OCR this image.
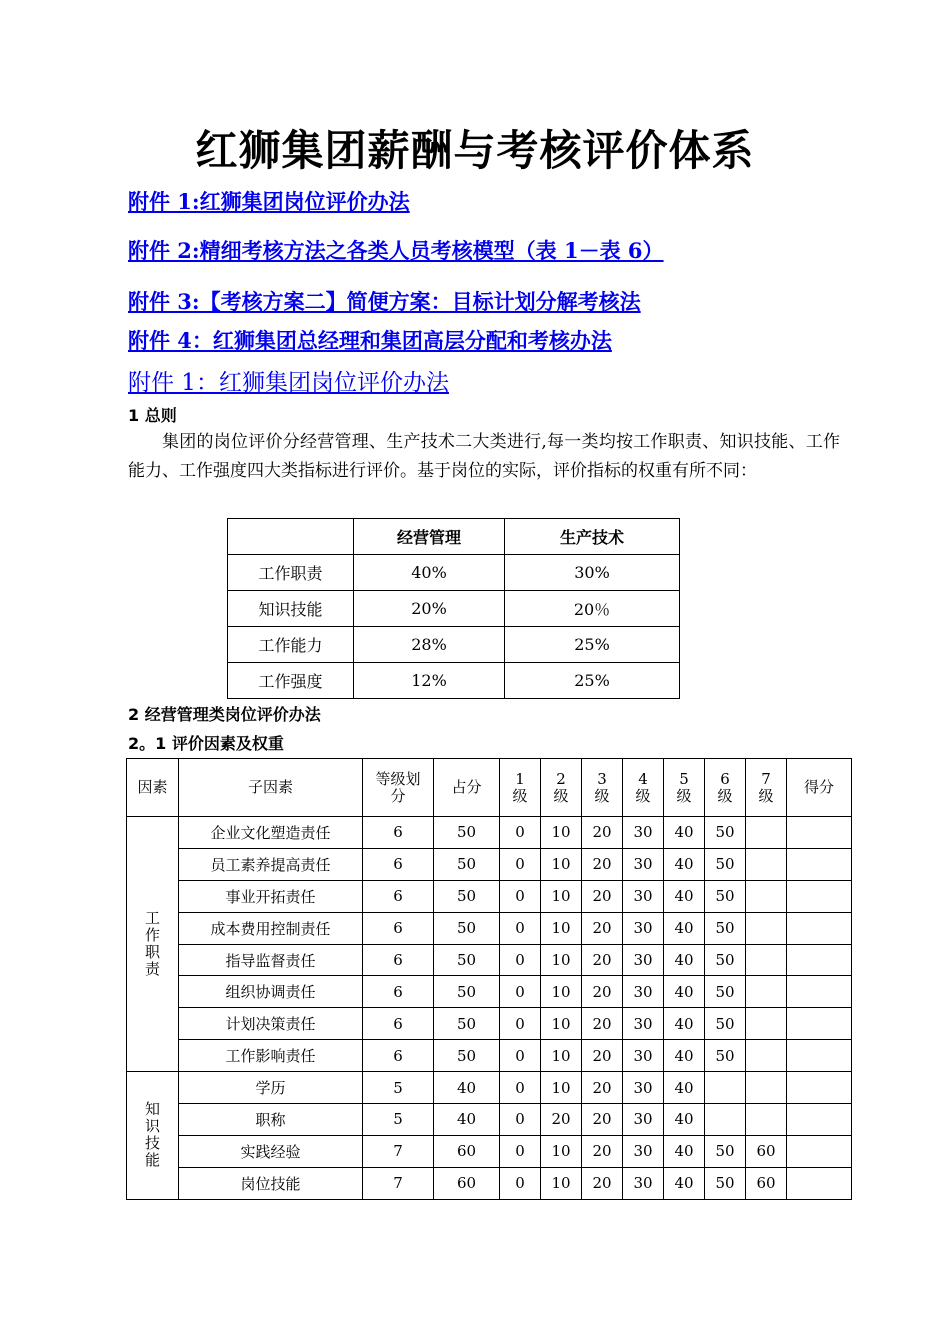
红狮集团薪酬与考核评价体系
附件 1:红狮集团岗位评价办法
附件 2:精细考核方法之各类人员考核模型（表 1－表 6）
附件 3:【考核方案二】简便方案：目标计划分解考核法
附件 4：红狮集团总经理和集团高层分配和考核办法
附件 1：红狮集团岗位评价办法
1 总则
集团的岗位评价分经营管理、生产技术二大类进行,每一类均按工作职责、知识技能、工作能力、工作强度四大类指标进行评价。基于岗位的实际，评价指标的权重有所不同：
	经营管理	生产技术
工作职责	40%	30%
知识技能	20%	20％
工作能力	28%	25%
工作强度	12%	25%
2 经营管理类岗位评价办法
2。1 评价因素及权重
因素	子因素	等级划分	占分	1级	2级	3级	4级	5级	6级	7级	得分
工作职责	企业文化塑造责任	6	50	0	10	20	30	40	50		
	员工素养提高责任	6	50	0	10	20	30	40	50		
	事业开拓责任	6	50	0	10	20	30	40	50		
	成本费用控制责任	6	50	0	10	20	30	40	50		
	指导监督责任	6	50	0	10	20	30	40	50		
	组织协调责任	6	50	0	10	20	30	40	50		
	计划决策责任	6	50	0	10	20	30	40	50		
	工作影响责任	6	50	0	10	20	30	40	50		
知识技能	学历	5	40	0	10	20	30	40			
	职称	5	40	0	20	20	30	40			
	实践经验	7	60	0	10	20	30	40	50	60	
	岗位技能	7	60	0	10	20	30	40	50	60	
